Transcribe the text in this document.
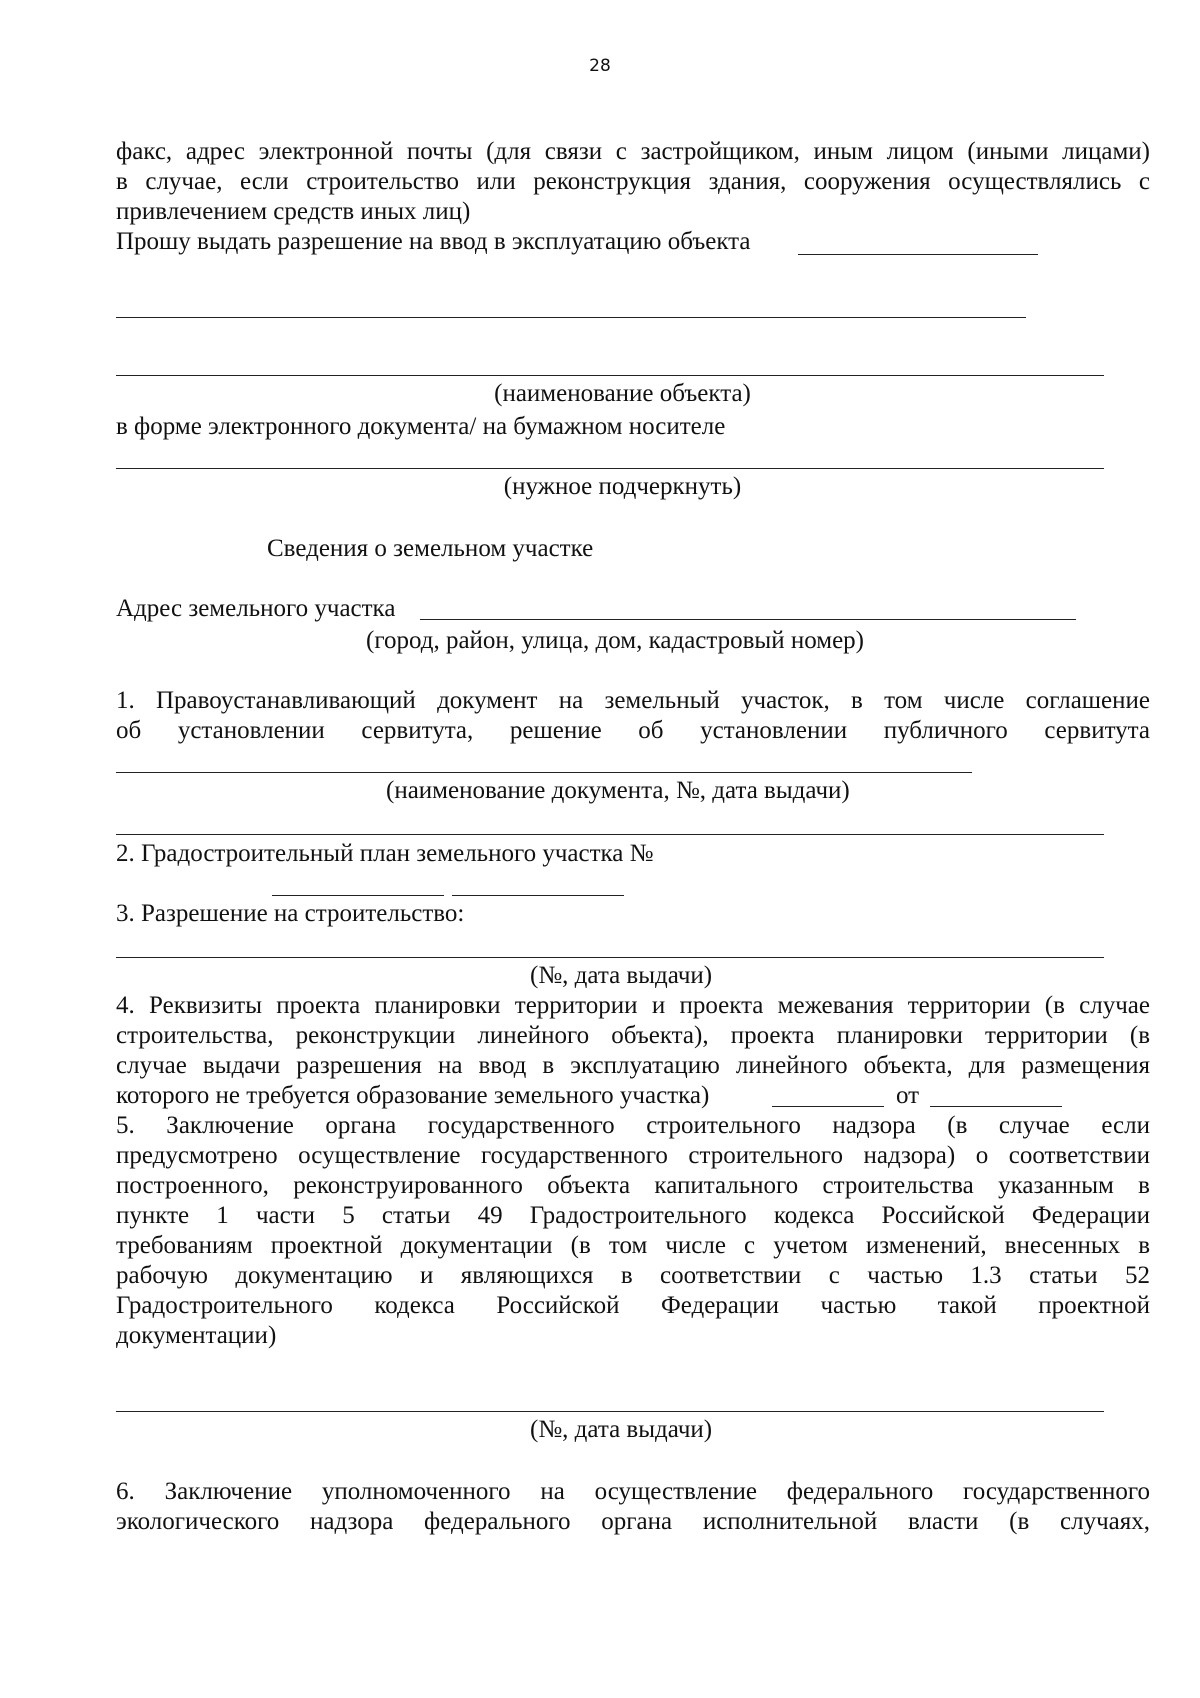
28
факс, адрес электронной почты (для связи с застройщиком, иным лицом (иными лицами)
в случае, если строительство или реконструкция здания, сооружения осуществлялись с
привлечением средств иных лиц)
Прошу выдать разрешение на ввод в эксплуатацию объекта
(наименование объекта)
в форме электронного документа/ на бумажном носителе
(нужное подчеркнуть)
Сведения о земельном участке
Адрес земельного участка
(город, район, улица, дом, кадастровый номер)
1. Правоустанавливающий документ на земельный участок, в том числе соглашение
об установлении сервитута, решение об установлении публичного сервитута
(наименование документа, №, дата выдачи)
2. Градостроительный план земельного участка №
3. Разрешение на строительство:
(№, дата выдачи)
4. Реквизиты проекта планировки территории и проекта межевания территории (в случае
строительства, реконструкции линейного объекта), проекта планировки территории (в
случае выдачи разрешения на ввод в эксплуатацию линейного объекта, для размещения
которого не требуется образование земельного участка)	от
5. Заключение органа государственного строительного надзора (в случае если
предусмотрено осуществление государственного строительного надзора) о соответствии
построенного, реконструированного объекта капитального строительства указанным в
пункте 1 части 5 статьи 49 Градостроительного кодекса Российской Федерации
требованиям проектной документации (в том числе с учетом изменений, внесенных в
рабочую документацию и являющихся в соответствии с частью 1.3 статьи 52
Градостроительного кодекса Российской Федерации частью такой проектной
документации)
(№, дата выдачи)
6. Заключение уполномоченного на осуществление федерального государственного
экологического надзора федерального органа исполнительной власти (в случаях,
